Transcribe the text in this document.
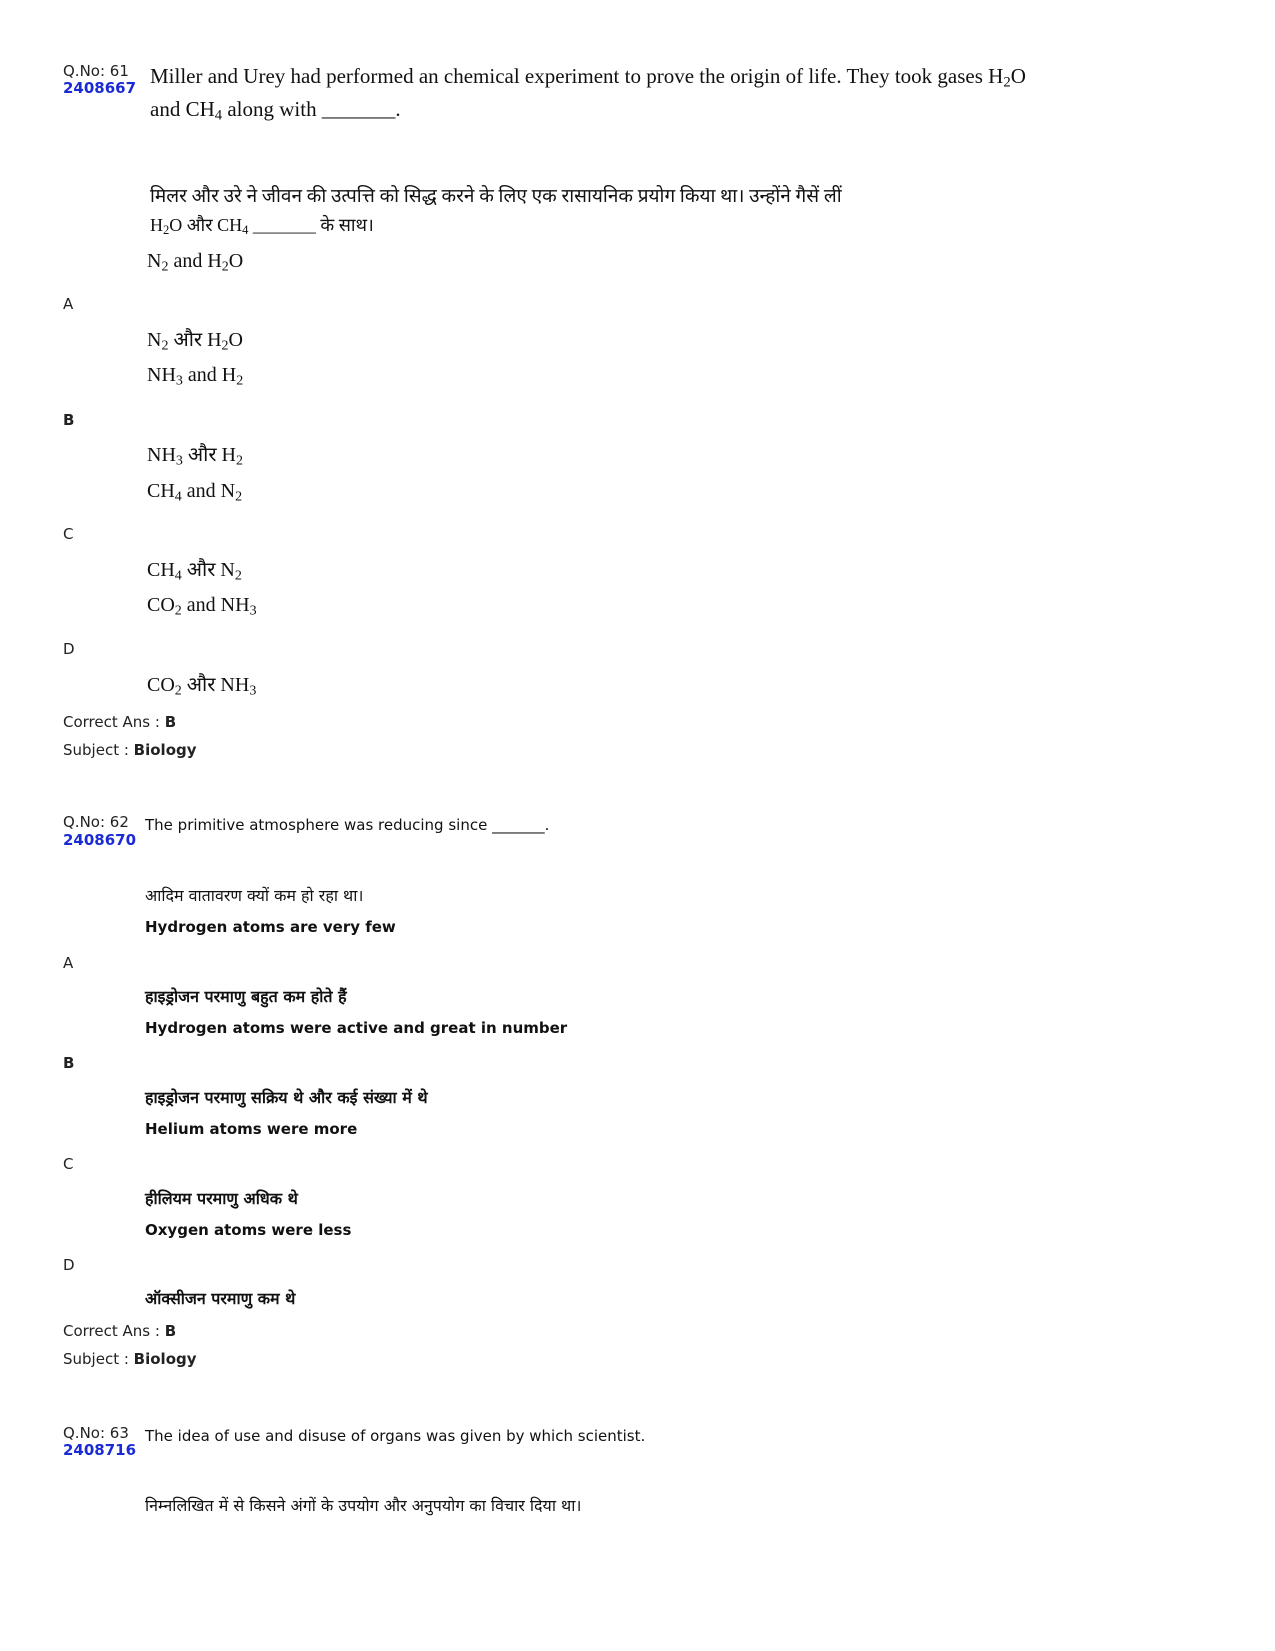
Q.No: 61
2408667 Miller and Urey had performed an chemical experiment to prove the origin of life. They took gases $H_2O$
and $CH_4$ along with _______.
मिलर और उरे ने जीवन की उत्पत्ति को सिद्ध करने के लिए एक रासायनिक प्रयोग किया था। उन्होंने गैसें लीं
$H_2O$ और $CH_4$ _______ के साथ।
$N_2$ and $H_2O$
A
$N_2$ और $H_2O$
$NH_3$ and $H_2$
B
$NH_3$ और $H_2$
$CH_4$ and $N_2$
C
$CH_4$ और $N_2$
$CO_2$ and $NH_3$
D
$CO_2$ और $NH_3$
Correct Ans : B
Subject : Biology
Q.No: 62
2408670
The primitive atmosphere was reducing since _______.
आदिम वातावरण क्यों कम हो रहा था।
Hydrogen atoms are very few
A
हाइड्रोजन परमाणु बहुत कम होते हैं
Hydrogen atoms were active and great in number
B
हाइड्रोजन परमाणु सक्रिय थे और कई संख्या में थे
Helium atoms were more
C
हीलियम परमाणु अधिक थे
Oxygen atoms were less
D
ऑक्सीजन परमाणु कम थे
Correct Ans : B
Subject : Biology
Q.No: 63
2408716
The idea of use and disuse of organs was given by which scientist.
निम्नलिखित में से किसने अंगों के उपयोग और अनुपयोग का विचार दिया था।
